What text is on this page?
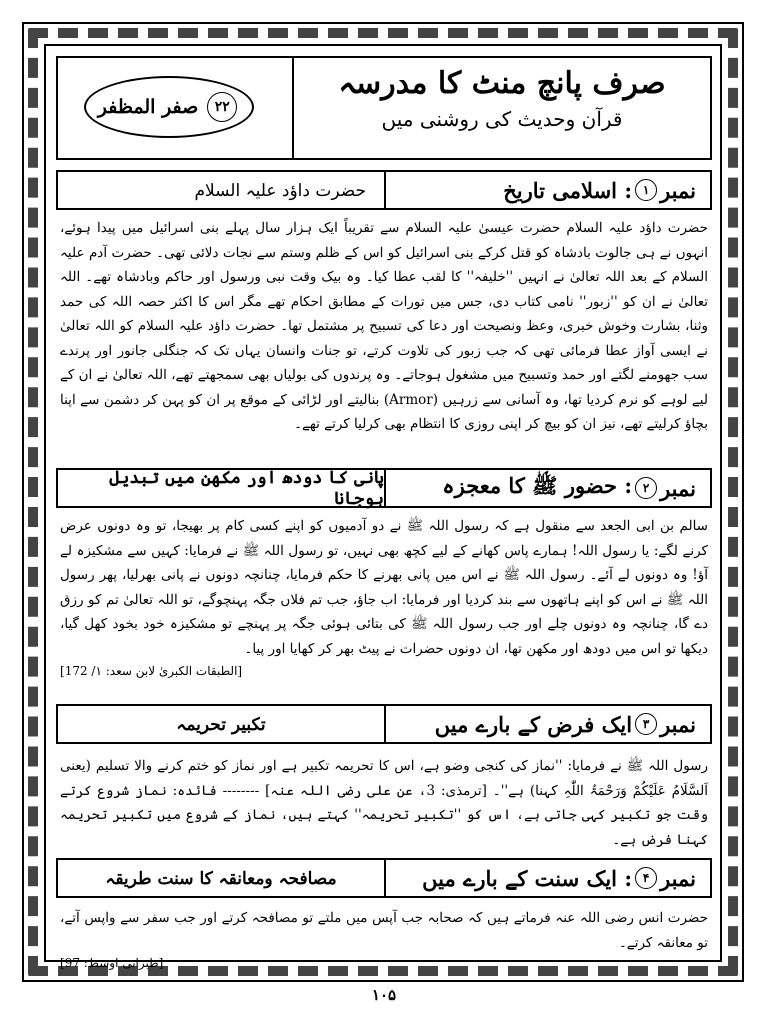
صرف پانچ منٹ کا مدرسہ
قرآن وحدیث کی روشنی میں
۲۲
صفر المظفر
نمبر
۱
: اسلامی تاریخ
حضرت داؤد علیہ السلام

حضرت داؤد علیہ السلام حضرت عیسیٰ علیہ السلام سے تقریباً ایک ہزار سال پہلے بنی اسرائیل میں پیدا ہوئے، انہوں نے ہی جالوت بادشاہ کو قتل کرکے بنی اسرائیل کو اس کے ظلم وستم سے نجات دلائی تھی۔ حضرت آدم علیہ السلام کے بعد اللہ تعالیٰ نے انہیں ''خلیفہ'' کا لقب عطا کیا۔ وہ بیک وقت نبی ورسول اور حاکم وبادشاہ تھے۔ اللہ تعالیٰ نے ان کو ''زبور'' نامی کتاب دی، جس میں تورات کے مطابق احکام تھے مگر اس کا اکثر حصہ اللہ کی حمد وثنا، بشارت وخوش خبری، وعظ ونصیحت اور دعا کی تسبیح پر مشتمل تھا۔ حضرت داؤد علیہ السلام کو اللہ تعالیٰ نے ایسی آواز عطا فرمائی تھی کہ جب زبور کی تلاوت کرتے، تو جنات وانسان یہاں تک کہ جنگلی جانور اور پرندے سب جھومنے لگتے اور حمد وتسبیح میں مشغول ہوجاتے۔ وہ پرندوں کی بولیاں بھی سمجھتے تھے، اللہ تعالیٰ نے ان کے لیے لوہے کو نرم کردیا تھا، وہ آسانی سے زرہیں (Armor) بنالیتے اور لڑائی کے موقع پر ان کو پہن کر دشمن سے اپنا بچاؤ کرلیتے تھے، نیز ان کو بیچ کر اپنی روزی کا انتظام بھی کرلیا کرتے تھے۔

نمبر
۲
: حضور ﷺ کا معجزہ
پانی کا دودھ اور مکھن میں تبدیل ہوجانا

سالم بن ابی الجعد سے منقول ہے کہ رسول اللہ ﷺ نے دو آدمیوں کو اپنے کسی کام پر بھیجا، تو وہ دونوں عرض کرنے لگے: یا رسول اللہ! ہمارے پاس کھانے کے لیے کچھ بھی نہیں، تو رسول اللہ ﷺ نے فرمایا: کہیں سے مشکیزہ لے آؤ! وہ دونوں لے آئے۔ رسول اللہ ﷺ نے اس میں پانی بھرنے کا حکم فرمایا، چنانچہ دونوں نے پانی بھرلیا، پھر رسول اللہ ﷺ نے اس کو اپنے ہاتھوں سے بند کردیا اور فرمایا: اب جاؤ، جب تم فلاں جگہ پہنچوگے، تو اللہ تعالیٰ تم کو رزق دے گا، چنانچہ وہ دونوں چلے اور جب رسول اللہ ﷺ کی بتائی ہوئی جگہ پر پہنچے تو مشکیزہ خود بخود کھل گیا، دیکھا تو اس میں دودھ اور مکھن تھا، ان دونوں حضرات نے پیٹ بھر کر کھایا اور پیا۔

[الطبقات الکبریٰ لابن سعد: ۱/ 172]
نمبر
۳
ایک فرض کے بارے میں
تکبیر تحریمہ

رسول اللہ ﷺ نے فرمایا: ''نماز کی کنجی وضو ہے، اس کا تحریمہ تکبیر ہے اور نماز کو ختم کرنے والا تسلیم (یعنی اَلسَّلَامُ عَلَیْکُمْ وَرَحْمَۃُ اللّٰہِ کہنا) ہے''۔ [ترمذی: 3، عن علی رضی اللہ عنہ] -------- فائدہ: نماز شروع کرتے وقت جو تکبیر کہی جاتی ہے، اس کو ''تکبیر تحریمہ'' کہتے ہیں، نماز کے شروع میں تکبیر تحریمہ کہنا فرض ہے۔

نمبر
۴
: ایک سنت کے بارے میں
مصافحہ ومعانقہ کا سنت طریقہ

حضرت انس رضی اللہ عنہ فرماتے ہیں کہ صحابہ جب آپس میں ملتے تو مصافحہ کرتے اور جب سفر سے واپس آتے، تو معانقہ کرتے۔

[طبرانی اوسط: 97]
۱۰۵
